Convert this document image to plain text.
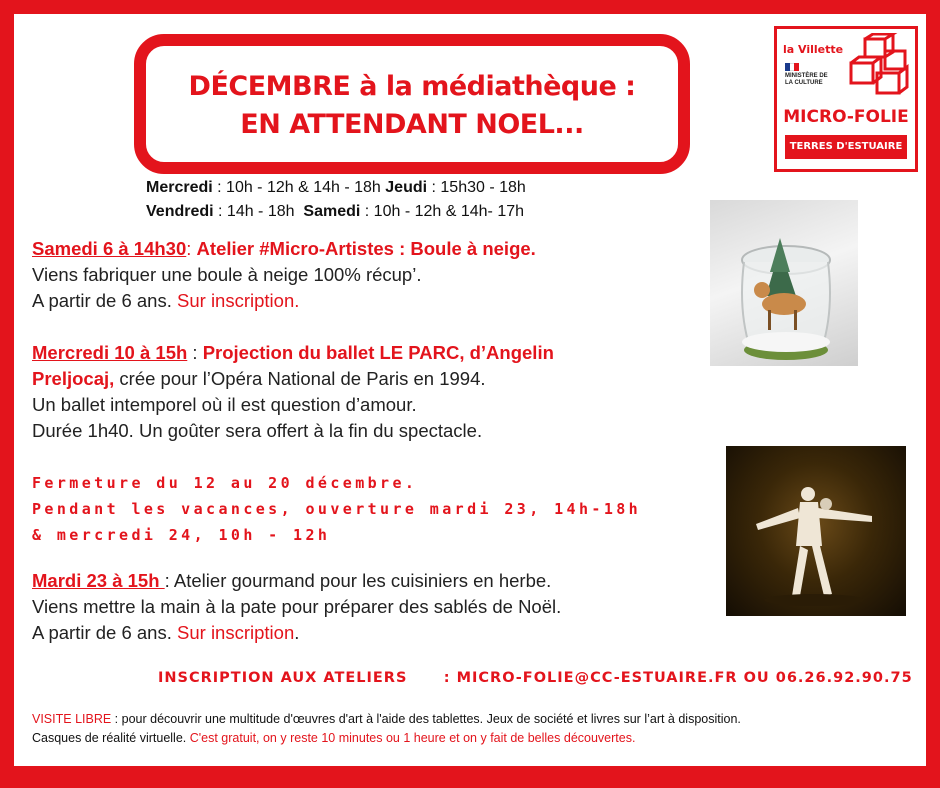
DÉCEMBRE à la médiathèque :
EN ATTENDANT NOEL...
la Villette
MINISTÈRE DE LA CULTURE
MICRO-FOLIE
TERRES D'ESTUAIRE
Mercredi : 10h - 12h & 14h - 18h Jeudi : 15h30 - 18h
Vendredi : 14h - 18h  Samedi : 10h - 12h & 14h- 17h
Samedi 6 à 14h30: Atelier #Micro-Artistes : Boule à neige.
Viens fabriquer une boule à neige 100% récup’.
A partir de 6 ans. Sur inscription.
Mercredi 10 à 15h : Projection du ballet LE PARC, d’Angelin
Preljocaj, crée pour l’Opéra National de Paris en 1994.
Un ballet intemporel où il est question d’amour.
Durée 1h40. Un goûter sera offert à la fin du spectacle.
Fermeture du 12 au 20 décembre.
Pendant les vacances, ouverture mardi 23, 14h-18h
& mercredi 24, 10h - 12h
Mardi 23 à 15h : Atelier gourmand pour les cuisiniers en herbe.
Viens mettre la main à la pate pour préparer des sablés de Noël.
A partir de 6 ans. Sur inscription.
INSCRIPTION AUX ATELIERS	: MICRO-FOLIE@CC-ESTUAIRE.FR OU 06.26.92.90.75
VISITE LIBRE : pour découvrir une multitude d'œuvres d'art à l'aide des tablettes. Jeux de société et livres sur l’art à disposition.
Casques de réalité virtuelle. C'est gratuit, on y reste 10 minutes ou 1 heure et on y fait de belles découvertes.
